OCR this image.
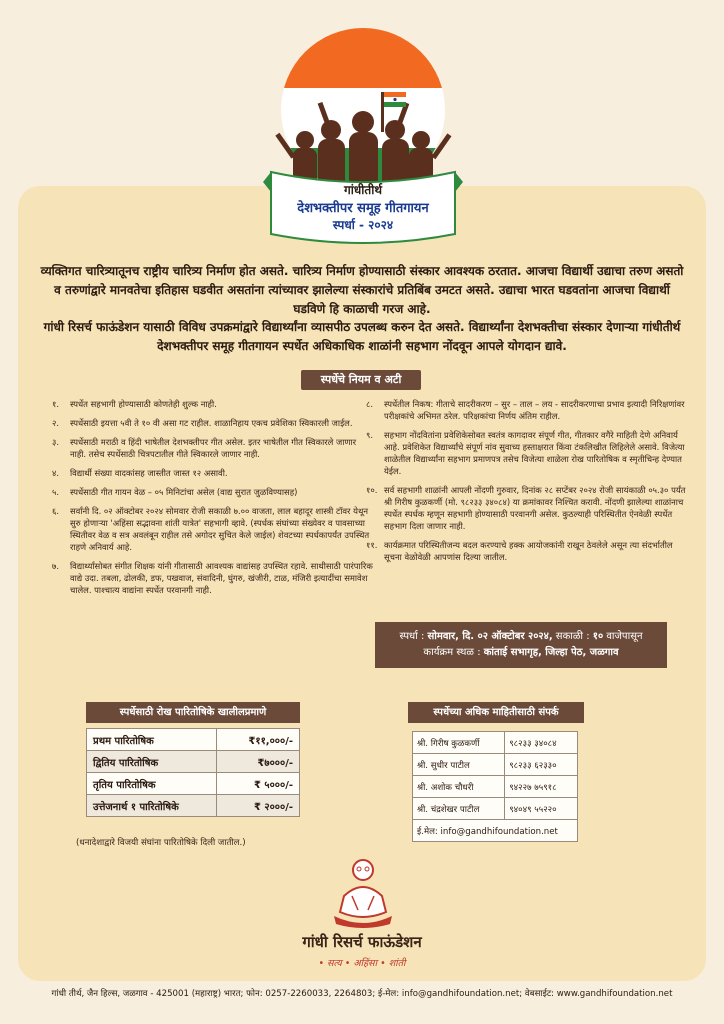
गांधीतीर्थ
देशभक्तीपर समूह गीतगायन
स्पर्धा - २०२४
व्यक्तिगत चारित्र्यातूनच राष्ट्रीय चारित्र्य निर्माण होत असते. चारित्र्य निर्माण होण्यासाठी संस्कार आवश्यक ठरतात. आजचा विद्यार्थी उद्याचा तरुण असतो व तरुणांद्वारे मानवतेचा इतिहास घडवीत असतांना त्यांच्यावर झालेल्या संस्कारांचे प्रतिबिंब उमटत असते. उद्याचा भारत घडवतांना आजचा विद्यार्थी घडविणे हि काळाची गरज आहे.
गांधी रिसर्च फाऊंडेशन यासाठी विविध उपक्रमांद्वारे विद्यार्थ्यांना व्यासपीठ उपलब्ध करुन देत असते. विद्यार्थ्यांना देशभक्तीचा संस्कार देणाऱ्या गांधीतीर्थ देशभक्तीपर समूह गीतगायन स्पर्धेत अधिकाधिक शाळांनी सहभाग नोंदवून आपले योगदान द्यावे.
स्पर्धेचे नियम व अटी
१. स्पर्धेत सहभागी होण्यासाठी कोणतेही शुल्क नाही.
२. स्पर्धेसाठी इयत्ता ५वी ते १० वी असा गट राहील. शाळानिहाय एकच प्रवेशिका स्विकारली जाईल.
३. स्पर्धेसाठी मराठी व हिंदी भाषेतील देशभक्तीपर गीत असेल. इतर भाषेतील गीत स्विकारले जाणार नाही. तसेच स्पर्धेसाठी चित्रपटातील गीते स्विकारले जाणार नाही.
४. विद्यार्थी संख्या वादकांसह जास्तीत जास्त १२ असावी.
५. स्पर्धेसाठी गीत गायन वेळ – ०५ मिनिटांचा असेल (वाद्य सुरात जुळविण्यासह)
६. सर्वांनी दि. ०२ ऑक्टोबर २०२४ सोमवार रोजी सकाळी ७.०० वाजता, लाल बहादूर शास्त्री टॉवर येथून सुरु होणाऱ्या 'अहिंसा सद्भावना शांती यात्रेत' सहभागी व्हावे. (स्पर्धक संघांच्या संख्येवर व पावसाच्या स्थितीवर वेळ व सत्र अवलंबून राहील तसे अगोदर सुचित केले जाईल) शेवटच्या स्पर्धकापर्यंत उपस्थित राहणे अनिवार्य आहे.
७. विद्यार्थ्यांसोबत संगीत शिक्षक यांनी गीतासाठी आवश्यक वाद्यांसह उपस्थित रहावे. साथीसाठी पारंपारिक वाद्ये उदा. तबला, ढोलकी, डफ, पखवाज, संवादिनी, घुंगरु, खंजीरी, टाळ, मंजिरी इत्यादींचा समावेश चालेल. पाश्चात्य वाद्यांना स्पर्धेत परवानगी नाही.
८. स्पर्धेतील निकष: गीताचे सादरीकरण – सुर – ताल – लय - सादरीकरणाचा प्रभाव इत्यादी निरिक्षणांवर परीक्षकांचे अभिमत ठरेल. परिक्षकांचा निर्णय अंतिम राहील.
९. सहभाग नोंदवितांना प्रवेशिकेसोबत स्वतंत्र कागदावर संपूर्ण गीत, गीतकार वगैरे माहिती देणे अनिवार्य आहे. प्रवेशिकेत विद्यार्थ्यांचे संपूर्ण नांव सुवाच्य हस्ताक्षरात किंवा टंकलिखीत लिहिलेले असावे. विजेत्या शाळेतील विद्यार्थ्यांना सहभाग प्रमाणपत्र तसेच विजेत्या शाळेला रोख पारितोषिक व स्मृतीचिन्ह देण्यात येईल.
१०. सर्व सहभागी शाळांनी आपली नोंदणी गुरुवार, दिनांक २८ सप्टेंबर २०२४ रोजी सायंकाळी ०५.३० पर्यंत श्री गिरीष कुळकर्णी (मो. ९८२३३ ३४०८४) या क्रमांकावर निश्चित करावी. नोंदणी झालेल्या शाळांनाच स्पर्धेत स्पर्धक म्हणून सहभागी होण्यासाठी परवानगी असेल. कुठल्याही परिस्थितीत ऐनवेळी स्पर्धेत सहभाग दिला जाणार नाही.
११. कार्यक्रमात परिस्थितीजन्य बदल करण्याचे हक्क आयोजकांनी राखून ठेवलेले असून त्या संदर्भातील सूचना वेळोवेळी आपणांस दिल्या जातील.
स्पर्धा : सोमवार, दि. ०२ ऑक्टोबर २०२४, सकाळी : १० वाजेपासून
कार्यक्रम स्थळ : कांताई सभागृह, जिल्हा पेठ, जळगाव
स्पर्धेसाठी रोख पारितोषिके खालीलप्रमाणे
प्रथम पारितोषिक	₹११,०००/-
द्वितिय पारितोषिक	₹७०००/-
तृतिय पारितोषिक	₹ ५०००/-
उत्तेजनार्थ १ पारितोषिके	₹ २०००/-
(धनादेशाद्वारे विजयी संघांना पारितोषिके दिली जातील.)
स्पर्धेच्या अधिक माहितीसाठी संपर्क
श्री. गिरीष कुळकर्णी	९८२३३ ३४०८४
श्री. सुधीर पाटील	९८२३३ ६२३३०
श्री. अशोक चौधरी	९४२२७ ७५९१८
श्री. चंद्रशेखर पाटील	९४०४९ ५५२२०
ई.मेल: info@gandhifoundation.net	
गांधी रिसर्च फाऊंडेशन
• सत्य • अहिंसा • शांती
गांधी तीर्थ, जैन हिल्स, जळगाव - 425001 (महाराष्ट्र) भारत; फोन: 0257-2260033, 2264803; ई-मेल: info@gandhifoundation.net; वेबसाईट: www.gandhifoundation.net
